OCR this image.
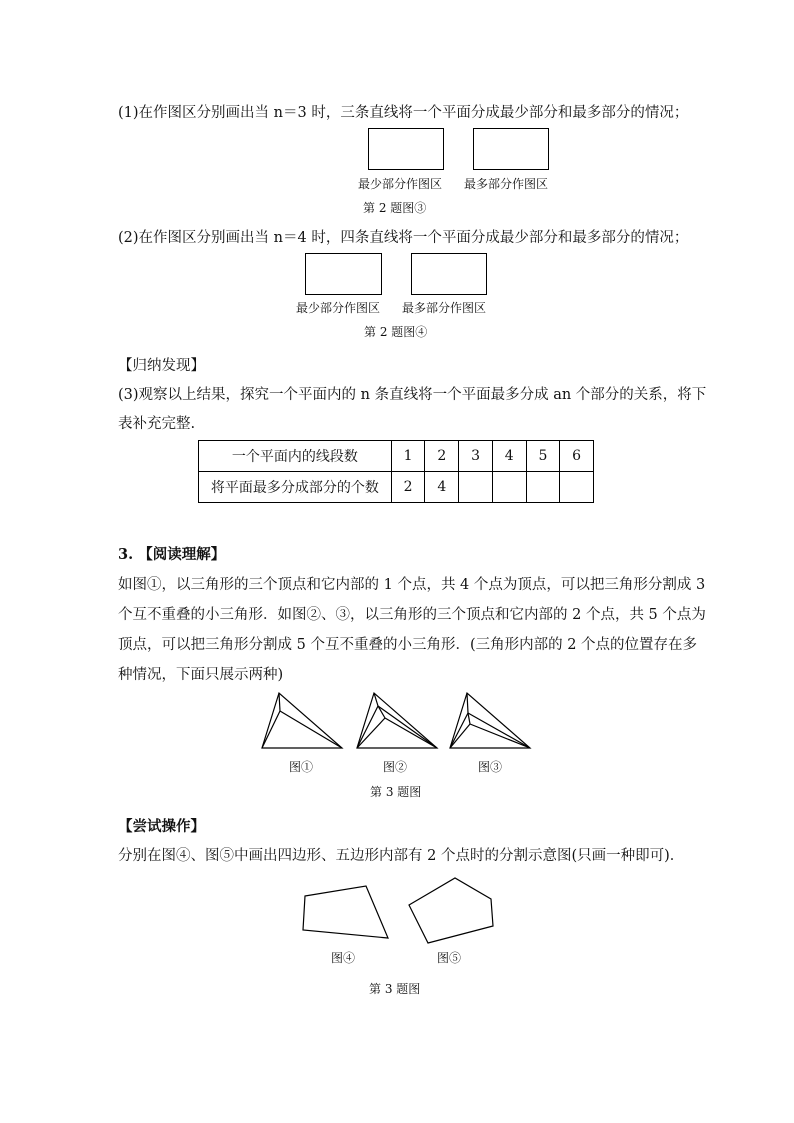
(1)在作图区分别画出当 n＝3 时，三条直线将一个平面分成最少部分和最多部分的情况；
最少部分作图区 最多部分作图区
第 2 题图③
(2)在作图区分别画出当 n＝4 时，四条直线将一个平面分成最少部分和最多部分的情况；
最少部分作图区 最多部分作图区
第 2 题图④
【归纳发现】
(3)观察以上结果，探究一个平面内的 n 条直线将一个平面最多分成 an 个部分的关系，将下
表补充完整.
一个平面内的线段数	1	2	3	4	5	6
将平面最多分成部分的个数	2	4				
3. 【阅读理解】
如图①，以三角形的三个顶点和它内部的 1 个点，共 4 个点为顶点，可以把三角形分割成 3
个互不重叠的小三角形．如图②、③，以三角形的三个顶点和它内部的 2 个点，共 5 个点为
顶点，可以把三角形分割成 5 个互不重叠的小三角形．(三角形内部的 2 个点的位置存在多
种情况，下面只展示两种)
图①	图②	图③
第 3 题图
【尝试操作】
分别在图④、图⑤中画出四边形、五边形内部有 2 个点时的分割示意图(只画一种即可)．
图④	图⑤
第 3 题图
